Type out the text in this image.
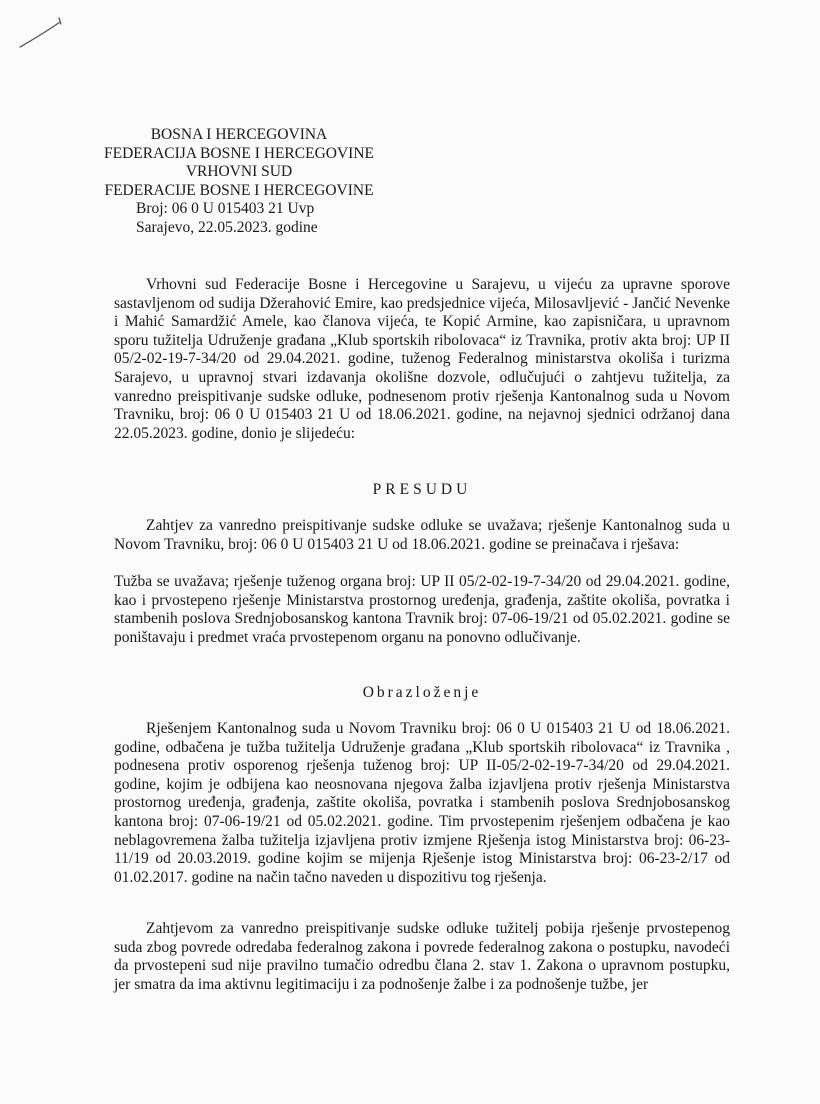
BOSNA I HERCEGOVINA
FEDERACIJA BOSNE I HERCEGOVINE
VRHOVNI SUD
FEDERACIJE BOSNE I HERCEGOVINE
Broj: 06 0 U 015403 21 Uvp
Sarajevo, 22.05.2023. godine

Vrhovni sud Federacije Bosne i Hercegovine u Sarajevu, u vijeću za upravne sporove sastavljenom od sudija Džerahović Emire, kao predsjednice vijeća, Milosavljević - Jančić Nevenke i Mahić Samardžić Amele, kao članova vijeća, te Kopić Armine, kao zapisničara, u upravnom sporu tužitelja Udruženje građana „Klub sportskih ribolovaca“ iz Travnika, protiv akta broj: UP II 05/2-02-19-7-34/20 od 29.04.2021. godine, tuženog Federalnog ministarstva okoliša i turizma Sarajevo, u upravnoj stvari izdavanja okolišne dozvole, odlučujući o zahtjevu tužitelja, za vanredno preispitivanje sudske odluke, podnesenom protiv rješenja Kantonalnog suda u Novom Travniku, broj: 06 0 U 015403 21 U od 18.06.2021. godine, na nejavnoj sjednici održanoj dana 22.05.2023. godine, donio je slijedeću:

PRESUDU

Zahtjev za vanredno preispitivanje sudske odluke se uvažava; rješenje Kantonalnog suda u Novom Travniku, broj: 06 0 U 015403 21 U od 18.06.2021. godine se preinačava i rješava:

Tužba se uvažava; rješenje tuženog organa broj: UP II 05/2-02-19-7-34/20 od 29.04.2021. godine, kao i prvostepeno rješenje Ministarstva prostornog uređenja, građenja, zaštite okoliša, povratka i stambenih poslova Srednjobosanskog kantona Travnik broj: 07-06-19/21 od 05.02.2021. godine se poništavaju i predmet vraća prvostepenom organu na ponovno odlučivanje.

Obrazloženje

Rješenjem Kantonalnog suda u Novom Travniku broj: 06 0 U 015403 21 U od 18.06.2021. godine, odbačena je tužba tužitelja Udruženje građana „Klub sportskih ribolovaca“ iz Travnika , podnesena protiv osporenog rješenja tuženog broj: UP II-05/2-02-19-7-34/20 od 29.04.2021. godine, kojim je odbijena kao neosnovana njegova žalba izjavljena protiv rješenja Ministarstva prostornog uređenja, građenja, zaštite okoliša, povratka i stambenih poslova Srednjobosanskog kantona broj: 07-06-19/21 od 05.02.2021. godine. Tim prvostepenim rješenjem odbačena je kao neblagovremena žalba tužitelja izjavljena protiv izmjene Rješenja istog Ministarstva broj: 06-23-11/19 od 20.03.2019. godine kojim se mijenja Rješenje istog Ministarstva broj: 06-23-2/17 od 01.02.2017. godine na način tačno naveden u dispozitivu tog rješenja.

Zahtjevom za vanredno preispitivanje sudske odluke tužitelj pobija rješenje prvostepenog suda zbog povrede odredaba federalnog zakona i povrede federalnog zakona o postupku, navodeći da prvostepeni sud nije pravilno tumačio odredbu člana 2. stav 1. Zakona o upravnom postupku, jer smatra da ima aktivnu legitimaciju i za podnošenje žalbe i za podnošenje tužbe, jer
